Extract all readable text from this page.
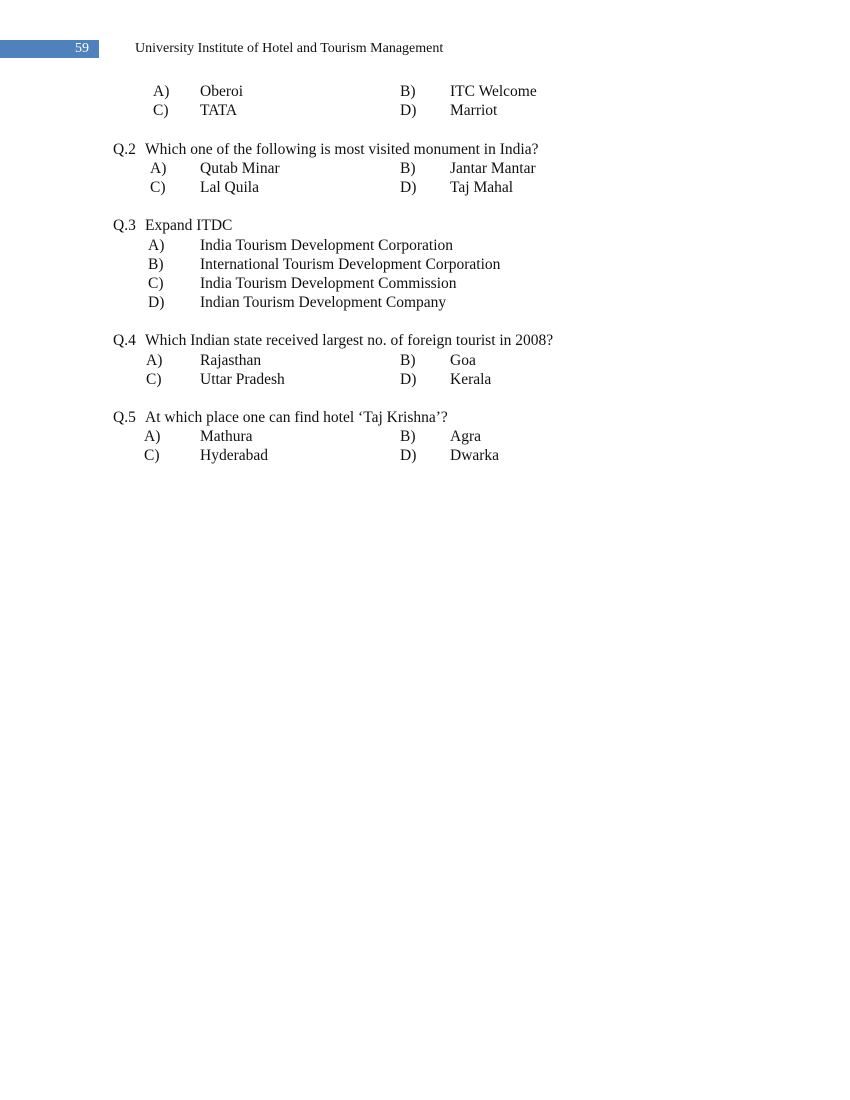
59	University Institute of Hotel and Tourism Management
A) Oberoi	B) ITC Welcome
C) TATA	D) Marriot
Q.2 Which one of the following is most visited monument in India?
A) Qutab Minar	B) Jantar Mantar
C) Lal Quila	D) Taj Mahal
Q.3 Expand ITDC
A) India Tourism Development Corporation
B) International Tourism Development Corporation
C) India Tourism Development Commission
D) Indian Tourism Development Company
Q.4 Which Indian state received largest no. of foreign tourist in 2008?
A) Rajasthan	B) Goa
C) Uttar Pradesh	D) Kerala
Q.5 At which place one can find hotel ‘Taj Krishna’?
A)	Mathura	B) Agra
C)	Hyderabad	D) Dwarka
